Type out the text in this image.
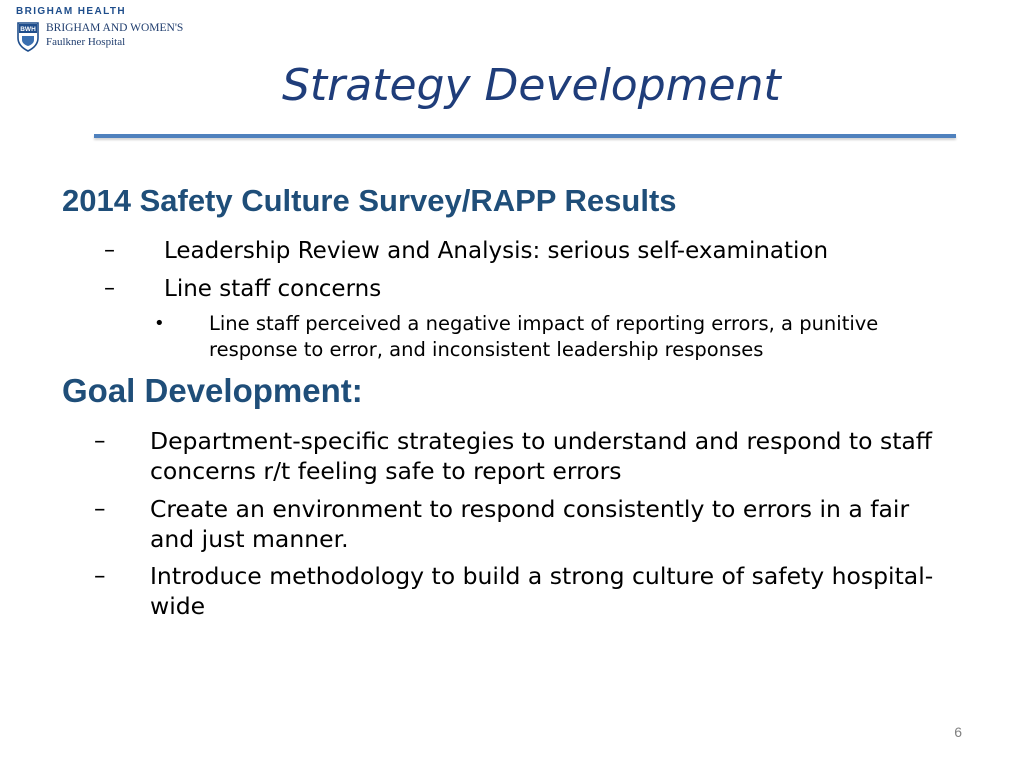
BRIGHAM HEALTH
BWH BRIGHAM AND WOMEN'S
Faulkner Hospital
Strategy Development
2014 Safety Culture Survey/RAPP Results
– Leadership Review and Analysis: serious self-examination
– Line staff concerns
• Line staff perceived a negative impact of reporting errors, a punitive response to error, and inconsistent leadership responses
Goal Development:
– Department-specific strategies to understand and respond to staff concerns r/t feeling safe to report errors
– Create an environment to respond consistently to errors in a fair and just manner.
– Introduce methodology to build a strong culture of safety hospital-wide
6
